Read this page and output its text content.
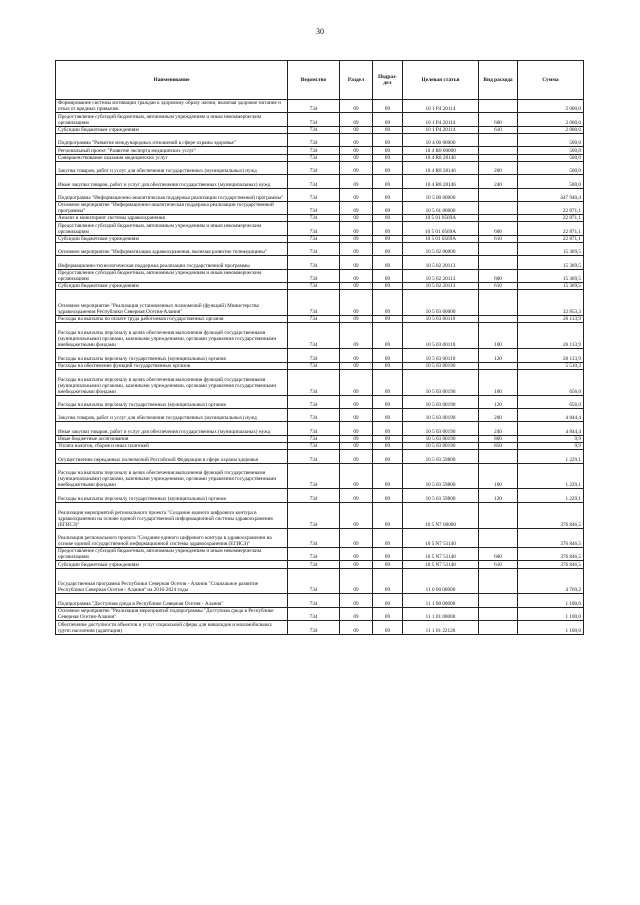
30
Наименование	Ведомство	Раздел	Подраз-дел	Целевая статья	Вид расхода	Сумма
Формирование системы мотивации граждан к здоровому образу жизни, включая здоровое питание и отказ от вредных привычек	734	09	09	10 1 P4 20114		2 000,0
Предоставление субсидий бюджетным, автономным учреждениям и иным некоммерческим организациям	734	09	09	10 1 P4 20114	600	2 000,0
Субсидии бюджетным учреждениям	734	09	09	10 1 P4 20114	610	2 000,0
Подпрограмма "Развитие международных отношений в сфере охраны здоровья"	734	09	09	10 4 00 00000		500,0
Региональный проект "Развитие экспорта медицинских услуг"	734	09	09	10 4 R8 00000		500,0
Совершенствование оказания медицинских услуг	734	09	09	10 4 R8 28146		500,0
Закупка товаров, работ и услуг для обеспечения государственных (муниципальных) нужд	734	09	09	10 4 R8 28146	200	500,0
Иные закупки товаров, работ и услуг для обеспечения государственных (муниципальных) нужд	734	09	09	10 4 R8 28146	240	500,0
Подпрограмма "Информационно-аналитическая поддержка реализации государственной программы"	734	09	09	10 5 00 00000		447 940,4
Основное мероприятие "Информационно-аналитическая поддержка реализации государственной программы"	734	09	09	10 5 01 00000		22 871,1
Анализ и мониторинг системы здравоохранения	734	09	09	10 5 01 0569А		22 871,1
Предоставление субсидий бюджетным, автономным учреждениям и иным некоммерческим организациям	734	09	09	10 5 01 0569А	600	22 871,1
Субсидии бюджетным учреждениям	734	09	09	10 5 01 0569А	610	22 871,1
Основное мероприятие "Информатизация здравоохранения, включая развитие телемедицины"	734	09	09	10 5 02 00000		15 369,5
Информационно-технологическая поддержка реализации государственной программы	734	09	09	10 5 02 20113		15 369,5
Предоставление субсидий бюджетным, автономным учреждениям и иным некоммерческим организациям	734	09	09	10 5 02 20113	600	15 369,5
Субсидии бюджетным учреждениям	734	09	09	10 5 02 20113	610	15 369,5
Основное мероприятие "Реализация установленных полномочий (функций) Министерства здравоохранения Республики Северная Осетия-Алания"	734	09	09	10 5 03 00000		32 853,3
Расходы на выплаты по оплате труда работников государственных органов	734	09	09	10 5 03 00110		26 113,9
Расходы на выплаты персоналу в целях обеспечения выполнения функций государственными (муниципальными) органами, казенными учреждениями, органами управления государственными внебюджетными фондами	734	09	09	10 5 03 00110	100	26 113,9
Расходы на выплаты персоналу государственных (муниципальных) органов	734	09	09	10 5 03 00110	120	26 113,9
Расходы на обеспечение функций государственных органов	734	09	09	10 5 03 00190		5 510,3
Расходы на выплаты персоналу в целях обеспечения выполнения функций государственными (муниципальными) органами, казенными учреждениями, органами управления государственными внебюджетными фондами	734	09	09	10 5 03 00190	100	656,0
Расходы на выплаты персоналу государственных (муниципальных) органов	734	09	09	10 5 03 00190	120	656,0
Закупка товаров, работ и услуг для обеспечения государственных (муниципальных) нужд	734	09	09	10 5 03 00190	200	4 844,4
Иные закупки товаров, работ и услуг для обеспечения государственных (муниципальных) нужд	734	09	09	10 5 03 00190	240	4 844,4
Иные бюджетные ассигнования	734	09	09	10 5 03 00190	800	9,9
Уплата налогов, сборов и иных платежей	734	09	09	10 5 03 00190	850	9,9
Осуществление переданных полномочий Российской Федерации в сфере охраны здоровья	734	09	09	10 5 03 59800		1 229,1
Расходы на выплаты персоналу в целях обеспечения выполнения функций государственными (муниципальными) органами, казенными учреждениями, органами управления государственными внебюджетными фондами	734	09	09	10 5 03 59800	100	1 229,1
Расходы на выплаты персоналу государственных (муниципальных) органов	734	09	09	10 5 03 59800	120	1 229,1
Реализация мероприятий регионального проекта "Создание единого цифрового контура в здравоохранении на основе единой государственной информационной системы здравоохранения (ЕГИСЗ)"	734	09	09	10 5 N7 00000		376 846,5
Реализация регионального проекта "Создание единого цифрового контура в здравоохранении на основе единой государственной информационной системы здравоохранения (ЕГИСЗ)"	734	09	09	10 5 N7 51140		376 846,5
Предоставление субсидий бюджетным, автономным учреждениям и иным некоммерческим организациям	734	09	09	10 5 N7 51140	600	376 846,5
Субсидии бюджетным учреждениям	734	09	09	10 5 N7 51140	610	376 846,5
Государственная программа Республики Северная Осетия - Алания "Социальное развитие Республики Северная Осетия - Алания" на 2016-2024 годы	734	09	09	11 0 00 00000		4 769,2
Подпрограмма "Доступная среда в Республике Северная Осетия - Алания"	734	09	09	11 1 00 00000		1 100,0
Основное мероприятие "Реализация мероприятий подпрограммы "Доступная среда в Республике Северная Осетия-Алания"	734	09	09	11 1 01 00000		1 100,0
Обеспечение доступности объектов и услуг социальной сферы для инвалидов и маломобильных групп населения (адаптация)	734	09	09	11 1 01 22120		1 100,0
